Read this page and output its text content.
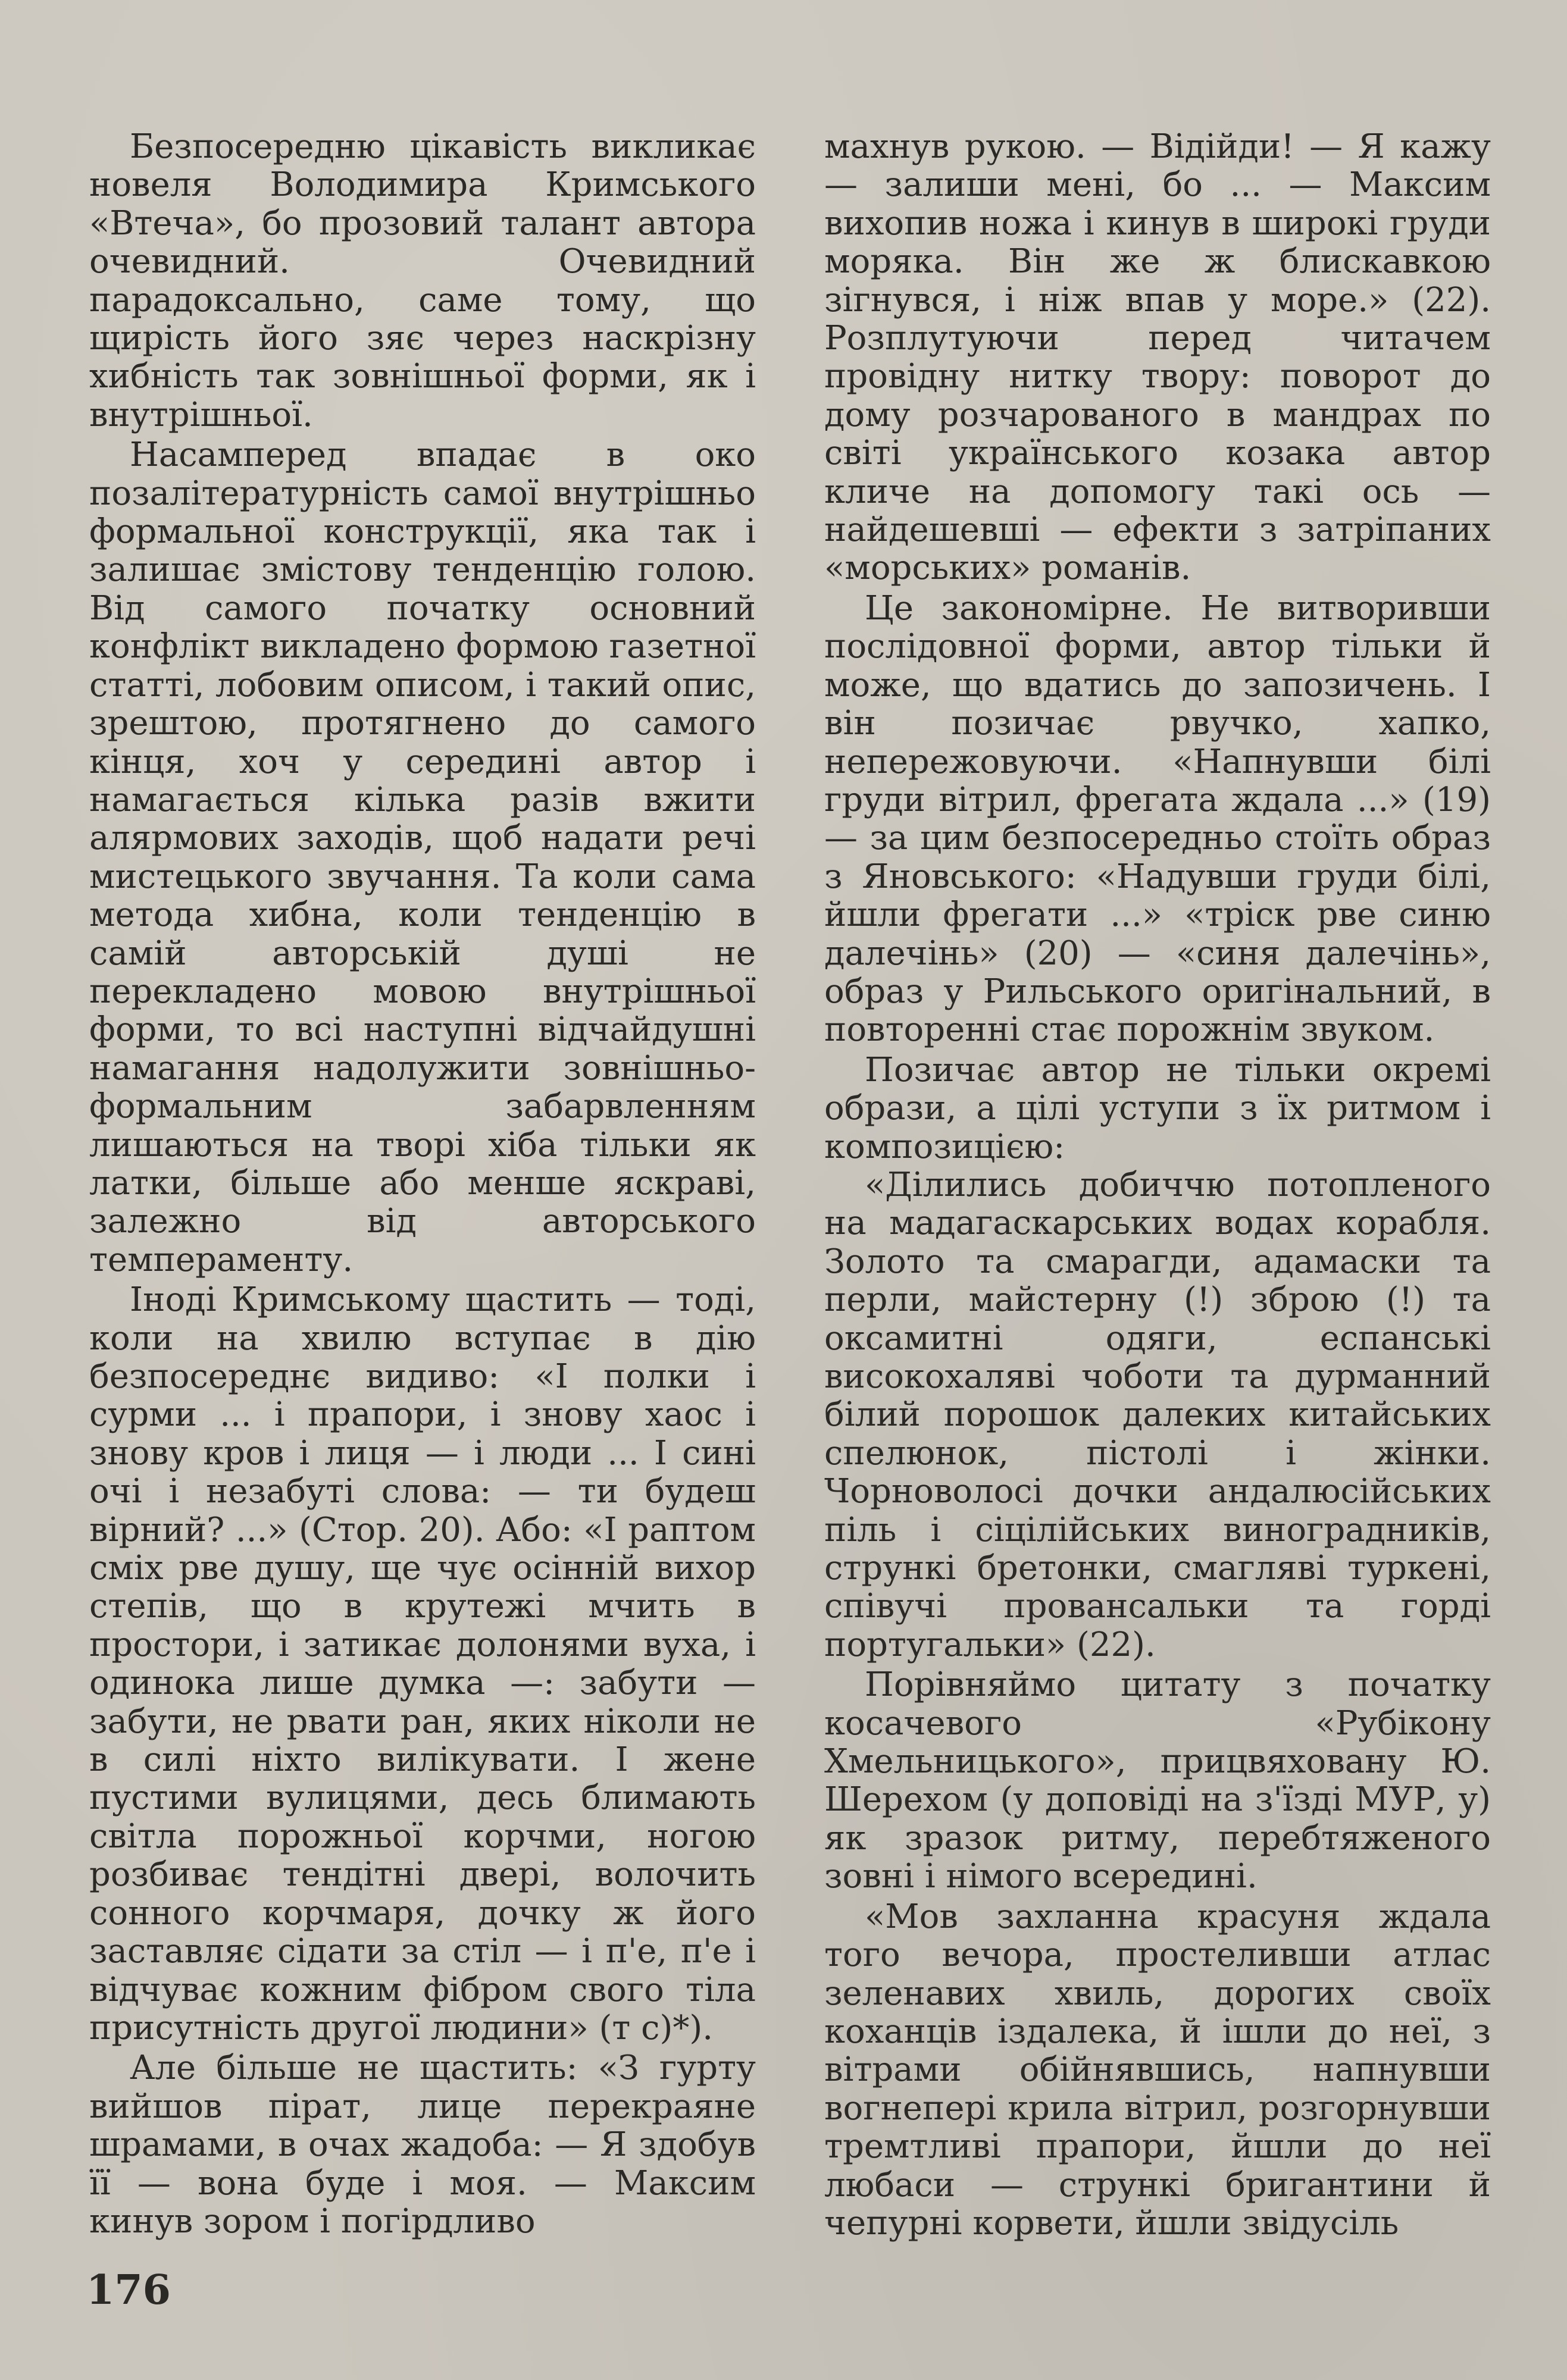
Безпосередню цікавість викликає новеля Володимира Кримського «Втеча», бо прозовий талант автора очевидний. Очевидний парадоксально, саме тому, що щирість його зяє через наскрізну хибність так зовнішньої форми, як і внутрішньої.

Насамперед впадає в око позалітературність самої внутрішньо формальної конструкції, яка так і залишає змістову тенденцію голою. Від самого початку основний конфлікт викладено формою газетної статті, лобовим описом, і такий опис, зрештою, протягнено до самого кінця, хоч у середині автор і намагається кілька разів вжити алярмових заходів, щоб надати речі мистецького звучання. Та коли сама метода хибна, коли тенденцію в самій авторській душі не перекладено мовою внутрішньої форми, то всі наступні відчайдушні намагання надолужити зовнішньо-формальним забарвленням лишаються на творі хіба тільки як латки, більше або менше яскраві, залежно від авторського темпераменту.

Іноді Кримському щастить — тоді, коли на хвилю вступає в дію безпосереднє видиво: «І полки і сурми ... і прапори, і знову хаос і знову кров і лиця — і люди ... І сині очі і незабуті слова: — ти будеш вірний? ...» (Стор. 20). Або: «І раптом сміх рве душу, ще чує осінній вихор степів, що в крутежі мчить в простори, і затикає долонями вуха, і одинока лише думка —: забути — забути, не рвати ран, яких ніколи не в силі ніхто вилікувати. І жене пустими вулицями, десь блимають світла порожньої корчми, ногою розбиває тендітні двері, волочить сонного корчмаря, дочку ж його заставляє сідати за стіл — і п'е, п'е і відчуває кожним фібром свого тіла присутність другої людини» (т с)*).

Але більше не щастить: «З гурту вийшов пірат, лице перекраяне шрамами, в очах жадоба: — Я здобув її — вона буде і моя. — Максим кинув зором і погірдливо

махнув рукою. — Відійди! — Я кажу — залиши мені, бо ... — Максим вихопив ножа і кинув в широкі груди моряка. Він же ж блискавкою зігнувся, і ніж впав у море.» (22). Розплутуючи перед читачем провідну нитку твору: поворот до дому розчарованого в мандрах по світі українського козака автор кличе на допомогу такі ось — найдешевші — ефекти з затріпаних «морських» романів.

Це закономірне. Не витворивши послідовної форми, автор тільки й може, що вдатись до запозичень. І він позичає рвучко, хапко, непережовуючи. «Напнувши білі груди вітрил, фрегата ждала ...» (19) — за цим безпосередньо стоїть образ з Яновського: «Надувши груди білі, йшли фрегати ...» «тріск рве синю далечінь» (20) — «синя далечінь», образ у Рильського оригінальний, в повторенні стає порожнім звуком.

Позичає автор не тільки окремі образи, а цілі уступи з їх ритмом і композицією:

«Ділились добиччю потопленого на мадагаскарських водах корабля. Золото та смарагди, адамаски та перли, майстерну (!) зброю (!) та оксамитні одяги, еспанські високохаляві чоботи та дурманний білий порошок далеких китайських спелюнок, пістолі і жінки. Чорноволосі дочки андалюсійських піль і сіцілійських виноградників, стрункі бретонки, смагляві туркені, співучі провансальки та горді португальки» (22).

Порівняймо цитату з початку косачевого «Рубікону Хмельницького», прицвяховану Ю. Шерехом (у доповіді на з'їзді МУР, у) як зразок ритму, перебтяженого зовні і німого всередині.

«Мов захланна красуня ждала того вечора, простеливши атлас зеленавих хвиль, дорогих своїх коханців іздалека, й ішли до неї, з вітрами обійнявшись, напнувши вогнепері крила вітрил, розгорнувши тремтливі прапори, йшли до неї любаси — стрункі бригантини й чепурні корвети, йшли звідусіль

176
